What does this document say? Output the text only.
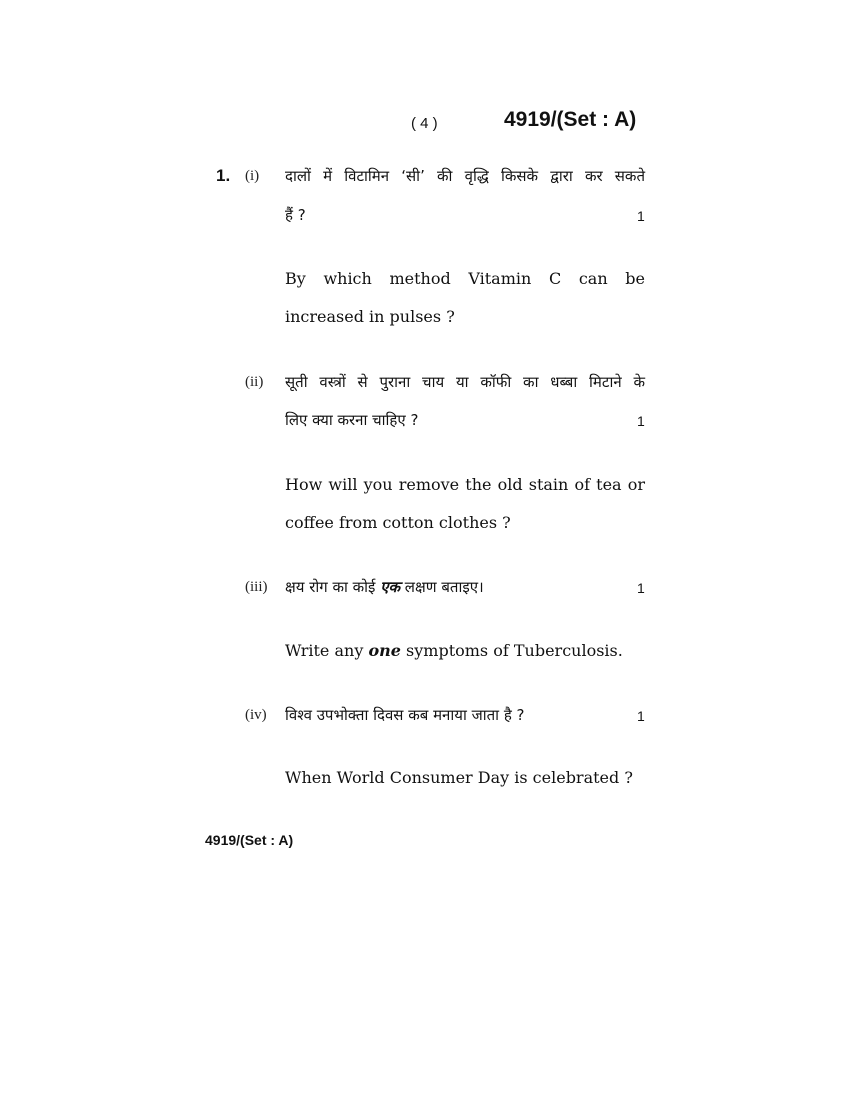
( 4 )	4919/(Set : A)
1. (i) दालों में विटामिन ‘सी’ की वृद्धि किसके द्वारा कर सकते
हैं ?	1
By which method Vitamin C can be
increased in pulses ?
(ii) सूती वस्त्रों से पुराना चाय या कॉफी का धब्बा मिटाने के
लिए क्या करना चाहिए ?	1
How will you remove the old stain of tea or
coffee from cotton clothes ?
(iii) क्षय रोग का कोई एक लक्षण बताइए।	1
Write any one symptoms of Tuberculosis.
(iv) विश्व उपभोक्ता दिवस कब मनाया जाता है ?	1
When World Consumer Day is celebrated ?
4919/(Set : A)
